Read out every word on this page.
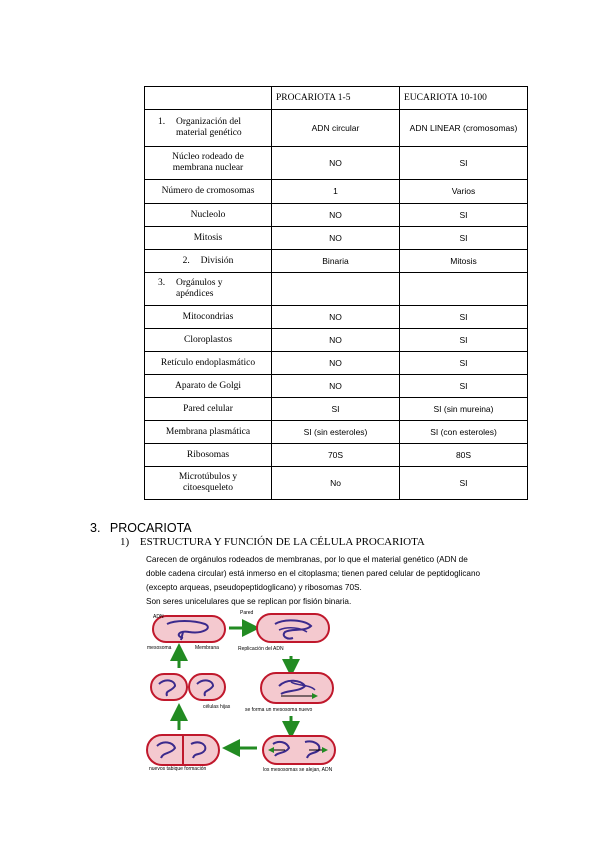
	PROCARIOTA 1-5	EUCARIOTA 10-100
1. Organización del material genético	ADN circular	ADN LINEAR (cromosomas)
Núcleo rodeado de membrana nuclear	NO	SI
Número de cromosomas	1	Varios
Nucleolo	NO	SI
Mitosis	NO	SI
2. División	Binaria	Mitosis
3. Orgánulos y apéndices		
Mitocondrias	NO	SI
Cloroplastos	NO	SI
Retículo endoplasmático	NO	SI
Aparato de Golgi	NO	SI
Pared celular	SI	SI (sin mureina)
Membrana plasmática	SI (sin esteroles)	SI (con esteroles)
Ribosomas	70S	80S
Microtúbulos y citoesqueleto	No	SI
3. PROCARIOTA
1) ESTRUCTURA Y FUNCIÓN DE LA CÉLULA PROCARIOTA
Carecen de orgánulos rodeados de membranas, por lo que el material genético (ADN de
doble cadena circular) está inmerso en el citoplasma; tienen pared celular de peptidoglicano
(excepto arqueas, pseudopeptidoglicano) y ribosomas 70S.
Son seres unicelulares que se replican por fisión binaria.
ADN
Pared
mesosoma	Membrana	Replicación del ADN
se forma un mesosoma nuevo
los mesosomas se alejan, ADN
nuevos tabique formación
células hijas
